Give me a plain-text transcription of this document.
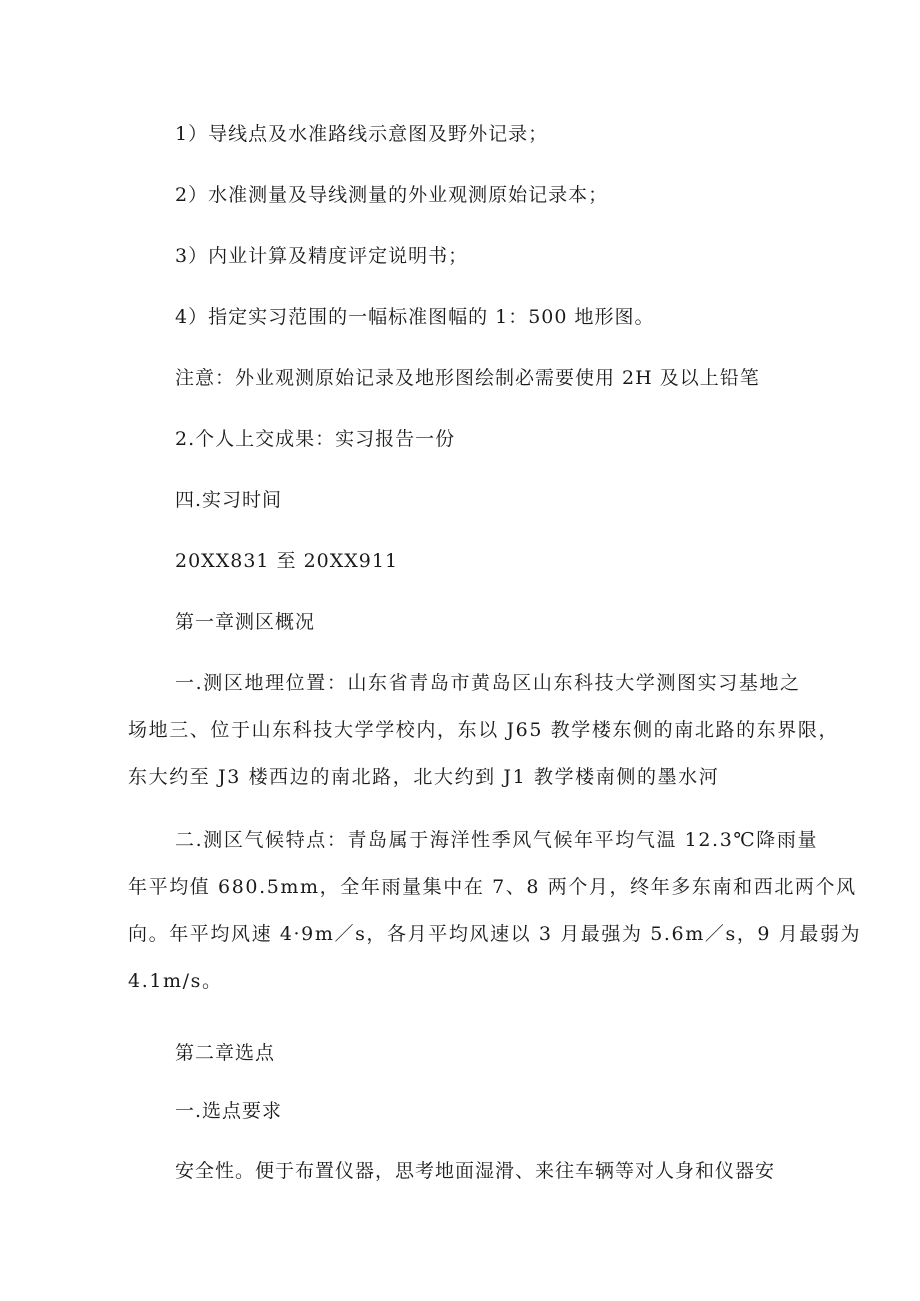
1）导线点及水准路线示意图及野外记录；
2）水准测量及导线测量的外业观测原始记录本；
3）内业计算及精度评定说明书；
4）指定实习范围的一幅标准图幅的 1：500 地形图。
注意：外业观测原始记录及地形图绘制必需要使用 2H 及以上铅笔
2.个人上交成果：实习报告一份
四.实习时间
20XX831 至 20XX911
第一章测区概况
一.测区地理位置：山东省青岛市黄岛区山东科技大学测图实习基地之
场地三、位于山东科技大学学校内，东以 J65 教学楼东侧的南北路的东界限，
东大约至 J3 楼西边的南北路，北大约到 J1 教学楼南侧的墨水河
二.测区气候特点：青岛属于海洋性季风气候年平均气温 12.3℃降雨量
年平均值 680.5mm，全年雨量集中在 7、8 两个月，终年多东南和西北两个风
向。年平均风速 4·9m／s，各月平均风速以 3 月最强为 5.6m／s，9 月最弱为
4.1m/s。
第二章选点
一.选点要求
安全性。便于布置仪器，思考地面湿滑、来往车辆等对人身和仪器安
